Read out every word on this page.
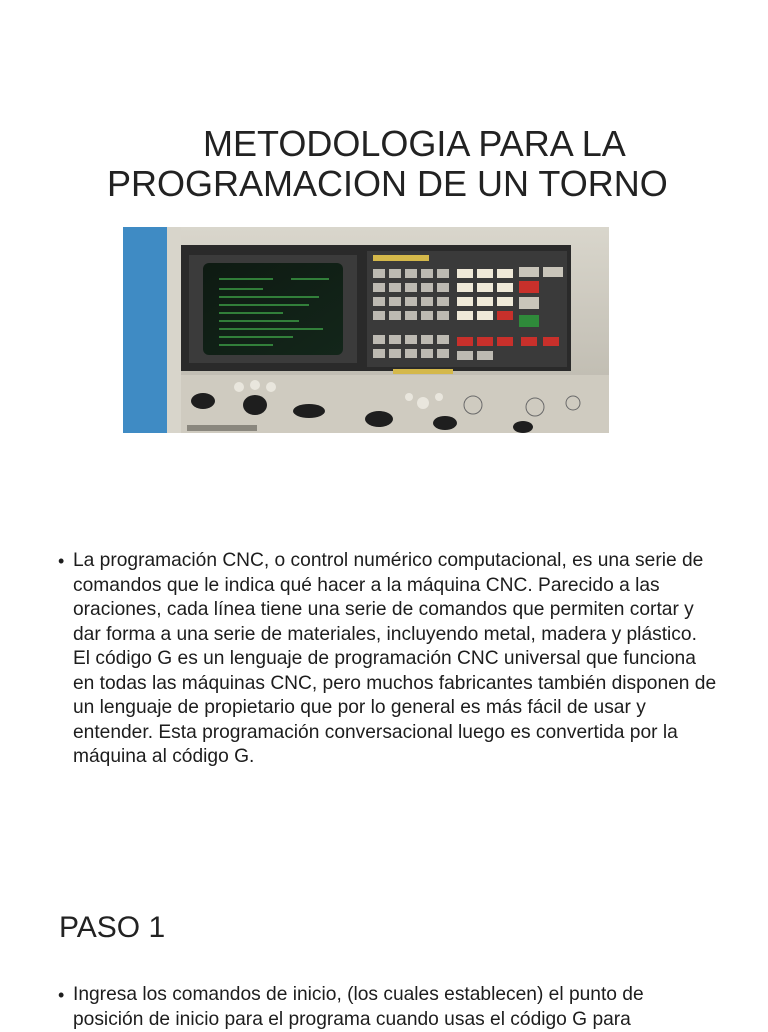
METODOLOGIA PARA LA
PROGRAMACION DE UN TORNO
• La programación CNC, o control numérico computacional, es una serie de comandos que le indica qué hacer a la máquina CNC. Parecido a las oraciones, cada línea tiene una serie de comandos que permiten cortar y dar forma a una serie de materiales, incluyendo metal, madera y plástico. El código G es un lenguaje de programación CNC universal que funciona en todas las máquinas CNC, pero muchos fabricantes también disponen de un lenguaje de propietario que por lo general es más fácil de usar y entender. Esta programación conversacional luego es convertida por la máquina al código G.
PASO 1
• Ingresa los comandos de inicio, (los cuales establecen) el punto de posición de inicio para el programa cuando usas el código G para
